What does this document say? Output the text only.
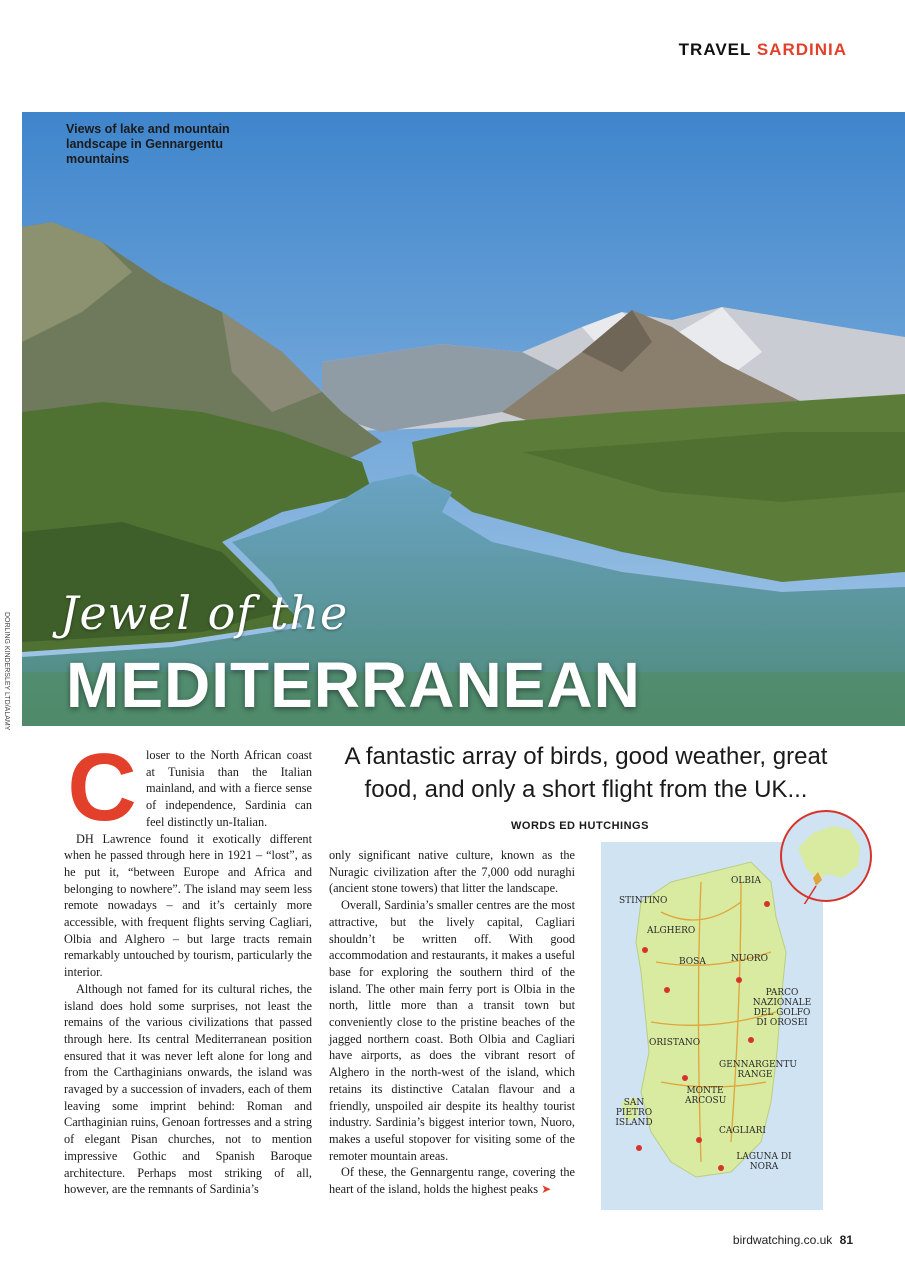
TRAVEL SARDINIA
Views of lake and mountain landscape in Gennargentu mountains
Jewel of the
MEDITERRANEAN
DORLING KINDERSLEY LTD/ALAMY
A fantastic array of birds, good weather, great food, and only a short flight from the UK...
WORDS ED HUTCHINGS
C loser to the North African coast at Tunisia than the Italian mainland, and with a fierce sense of independence, Sardinia can feel distinctly un-Italian.

DH Lawrence found it exotically different when he passed through here in 1921 – “lost”, as he put it, “between Europe and Africa and belonging to nowhere”. The island may seem less remote nowadays – and it’s certainly more accessible, with frequent flights serving Cagliari, Olbia and Alghero – but large tracts remain remarkably untouched by tourism, particularly the interior.

Although not famed for its cultural riches, the island does hold some surprises, not least the remains of the various civilizations that passed through here. Its central Mediterranean position ensured that it was never left alone for long and from the Carthaginians onwards, the island was ravaged by a succession of invaders, each of them leaving some imprint behind: Roman and Carthaginian ruins, Genoan fortresses and a string of elegant Pisan churches, not to mention impressive Gothic and Spanish Baroque architecture. Perhaps most striking of all, however, are the remnants of Sardinia’s

only significant native culture, known as the Nuragic civilization after the 7,000 odd nuraghi (ancient stone towers) that litter the landscape.

Overall, Sardinia’s smaller centres are the most attractive, but the lively capital, Cagliari shouldn’t be written off. With good accommodation and restaurants, it makes a useful base for exploring the southern third of the island. The other main ferry port is Olbia in the north, little more than a transit town but conveniently close to the pristine beaches of the jagged northern coast. Both Olbia and Cagliari have airports, as does the vibrant resort of Alghero in the north-west of the island, which retains its distinctive Catalan flavour and a friendly, unspoiled air despite its healthy tourist industry. Sardinia’s biggest interior town, Nuoro, makes a useful stopover for visiting some of the remoter mountain areas.

Of these, the Gennargentu range, covering the heart of the island, holds the highest peaks ➤

OLBIA
STINTINO
ALGHERO
BOSA	NUORO
PARCO NAZIONALE DEL GOLFO DI OROSEI
ORISTANO
GENNARGENTU RANGE
MONTE ARCOSU
SAN PIETRO ISLAND
CAGLIARI
LAGUNA DI NORA
birdwatching.co.uk 81
